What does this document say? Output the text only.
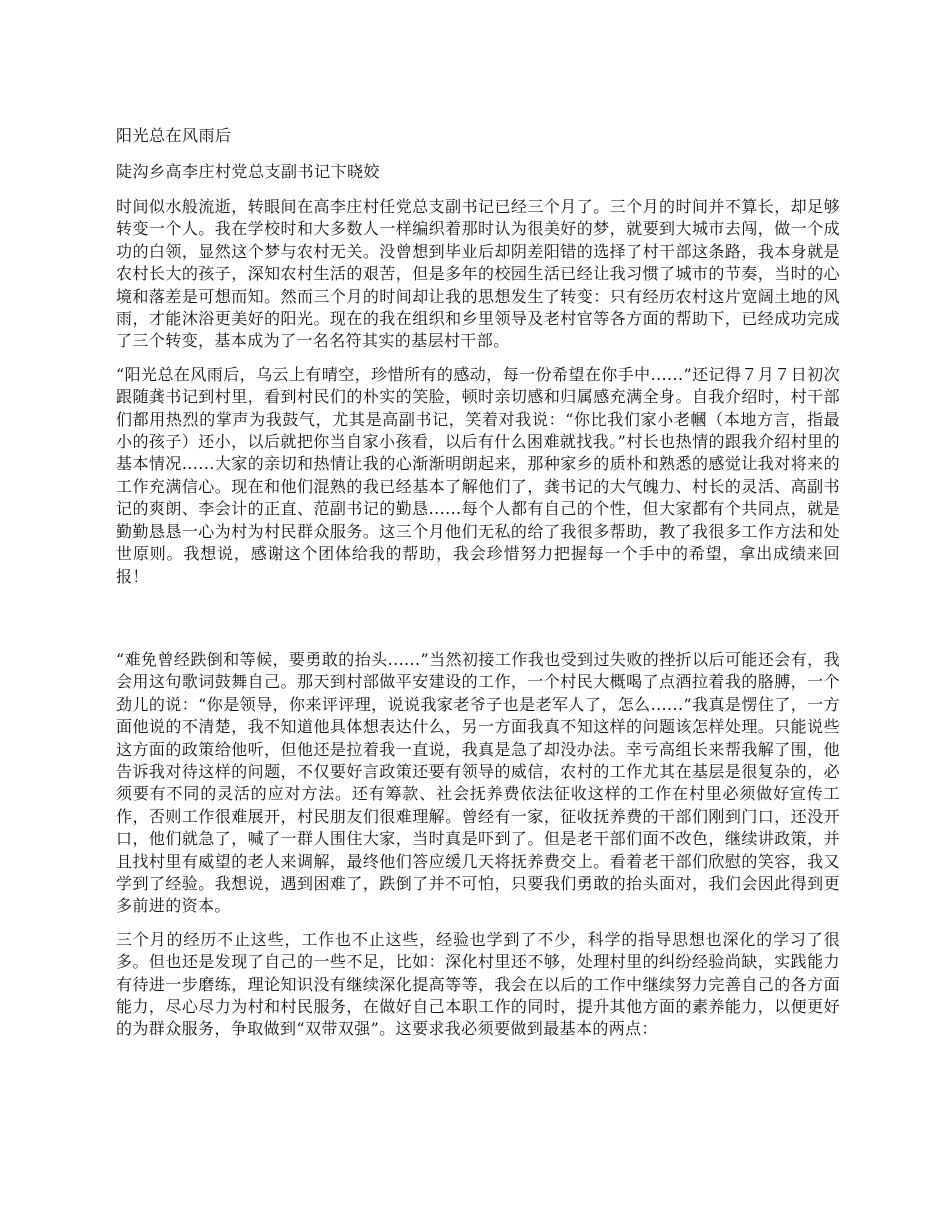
阳光总在风雨后
陡沟乡高李庄村党总支副书记卞晓姣

时间似水般流逝，转眼间在高李庄村任党总支副书记已经三个月了。三个月的时间并不算长，却足够转变一个人。我在学校时和大多数人一样编织着那时认为很美好的梦，就要到大城市去闯，做一个成功的白领，显然这个梦与农村无关。没曾想到毕业后却阴差阳错的选择了村干部这条路，我本身就是农村长大的孩子，深知农村生活的艰苦，但是多年的校园生活已经让我习惯了城市的节奏，当时的心境和落差是可想而知。然而三个月的时间却让我的思想发生了转变：只有经历农村这片宽阔土地的风雨，才能沐浴更美好的阳光。现在的我在组织和乡里领导及老村官等各方面的帮助下，已经成功完成了三个转变，基本成为了一名名符其实的基层村干部。

“阳光总在风雨后，乌云上有晴空，珍惜所有的感动，每一份希望在你手中......”还记得７月７日初次跟随龚书记到村里，看到村民们的朴实的笑脸，顿时亲切感和归属感充满全身。自我介绍时，村干部们都用热烈的掌声为我鼓气，尤其是高副书记，笑着对我说：“你比我们家小老幗（本地方言，指最小的孩子）还小，以后就把你当自家小孩看，以后有什么困难就找我。”村长也热情的跟我介绍村里的基本情况......大家的亲切和热情让我的心渐渐明朗起来，那种家乡的质朴和熟悉的感觉让我对将来的工作充满信心。现在和他们混熟的我已经基本了解他们了，龚书记的大气魄力、村长的灵活、高副书记的爽朗、李会计的正直、范副书记的勤恳......每个人都有自己的个性，但大家都有个共同点，就是勤勤恳恳一心为村为村民群众服务。这三个月他们无私的给了我很多帮助，教了我很多工作方法和处世原则。我想说，感谢这个团体给我的帮助，我会珍惜努力把握每一个手中的希望，拿出成绩来回报！

“难免曾经跌倒和等候，要勇敢的抬头......”当然初接工作我也受到过失败的挫折以后可能还会有，我会用这句歌词鼓舞自己。那天到村部做平安建设的工作，一个村民大概喝了点酒拉着我的胳膊，一个劲儿的说：“你是领导，你来评评理，说说我家老爷子也是老军人了，怎么......”我真是愣住了，一方面他说的不清楚，我不知道他具体想表达什么，另一方面我真不知这样的问题该怎样处理。只能说些这方面的政策给他听，但他还是拉着我一直说，我真是急了却没办法。幸亏高组长来帮我解了围，他告诉我对待这样的问题，不仅要好言政策还要有领导的威信，农村的工作尤其在基层是很复杂的，必须要有不同的灵活的应对方法。还有筹款、社会抚养费依法征收这样的工作在村里必须做好宣传工作，否则工作很难展开，村民朋友们很难理解。曾经有一家，征收抚养费的干部们刚到门口，还没开口，他们就急了，喊了一群人围住大家，当时真是吓到了。但是老干部们面不改色，继续讲政策，并且找村里有威望的老人来调解，最终他们答应缓几天将抚养费交上。看着老干部们欣慰的笑容，我又学到了经验。我想说，遇到困难了，跌倒了并不可怕，只要我们勇敢的抬头面对，我们会因此得到更多前进的资本。

三个月的经历不止这些，工作也不止这些，经验也学到了不少，科学的指导思想也深化的学习了很多。但也还是发现了自己的一些不足，比如：深化村里还不够，处理村里的纠纷经验尚缺，实践能力有待进一步磨练，理论知识没有继续深化提高等等，我会在以后的工作中继续努力完善自己的各方面能力，尽心尽力为村和村民服务，在做好自己本职工作的同时，提升其他方面的素养能力，以便更好的为群众服务，争取做到“双带双强”。这要求我必须要做到最基本的两点：
